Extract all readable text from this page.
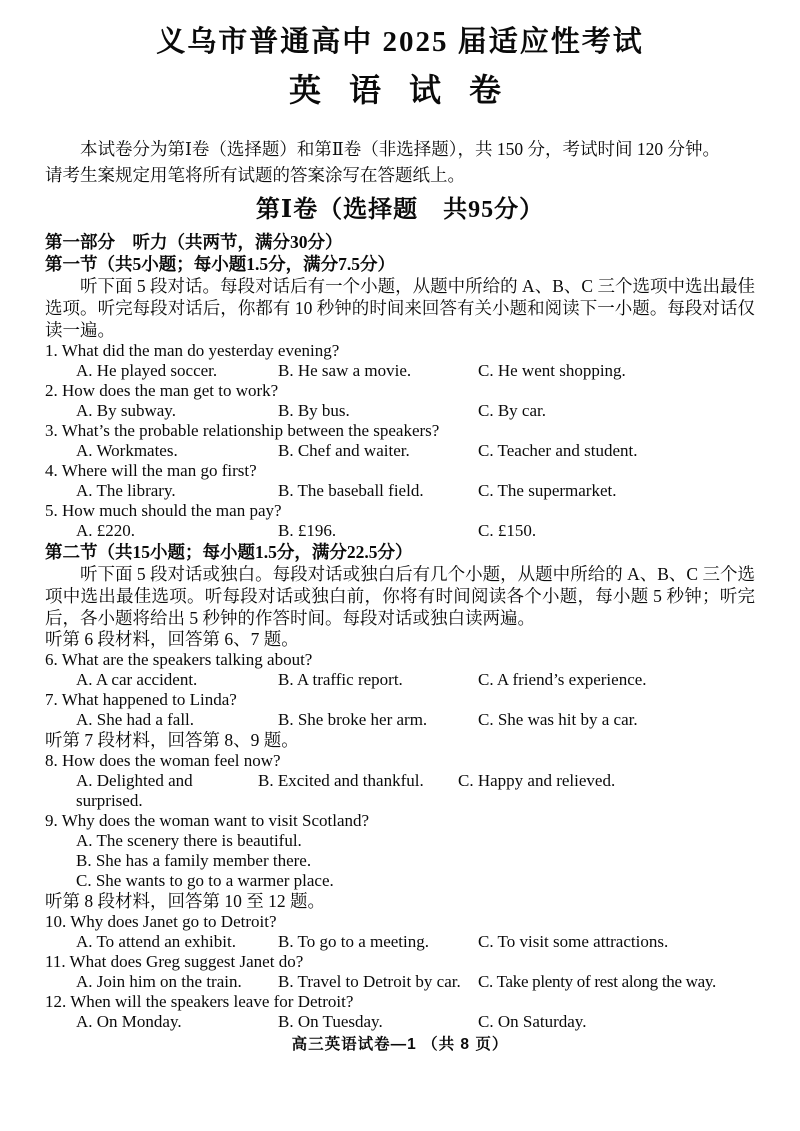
义乌市普通高中 2025 届适应性考试
英 语 试 卷
本试卷分为第Ⅰ卷（选择题）和第Ⅱ卷（非选择题），共 150 分，考试时间 120 分钟。
请考生案规定用笔将所有试题的答案涂写在答题纸上。
第Ⅰ卷（选择题　共95分）
第一部分　听力（共两节，满分30分）
第一节（共5小题；每小题1.5分，满分7.5分）

听下面 5 段对话。每段对话后有一个小题，从题中所给的 A、B、C 三个选项中选出最佳选项。听完每段对话后，你都有 10 秒钟的时间来回答有关小题和阅读下一小题。每段对话仅读一遍。

1. What did the man do yesterday evening?
A. He played soccer.	B. He saw a movie.	C. He went shopping.
2. How does the man get to work?
A. By subway.	B. By bus.	C. By car.
3. What’s the probable relationship between the speakers?
A. Workmates.	B. Chef and waiter.	C. Teacher and student.
4. Where will the man go first?
A. The library.	B. The baseball field.	C. The supermarket.
5. How much should the man pay?
A. £220.	B. £196.	C. £150.
第二节（共15小题；每小题1.5分，满分22.5分）

听下面 5 段对话或独白。每段对话或独白后有几个小题，从题中所给的 A、B、C 三个选项中选出最佳选项。听每段对话或独白前，你将有时间阅读各个小题，每小题 5 秒钟；听完后，各小题将给出 5 秒钟的作答时间。每段对话或独白读两遍。

听第 6 段材料，回答第 6、7 题。
6. What are the speakers talking about?
A. A car accident.	B. A traffic report.	C. A friend’s experience.
7. What happened to Linda?
A. She had a fall.	B. She broke her arm.	C. She was hit by a car.
听第 7 段材料，回答第 8、9 题。
8. How does the woman feel now?
A. Delighted and surprised.
B. Excited and thankful.	C. Happy and relieved.
9. Why does the woman want to visit Scotland?
A. The scenery there is beautiful.
B. She has a family member there.
C. She wants to go to a warmer place.
听第 8 段材料，回答第 10 至 12 题。
10. Why does Janet go to Detroit?
A. To attend an exhibit.	B. To go to a meeting.	C. To visit some attractions.
11. What does Greg suggest Janet do?
A. Join him on the train.	B. Travel to Detroit by car.	C. Take plenty of rest along the way.
12. When will the speakers leave for Detroit?
A. On Monday.	B. On Tuesday.	C. On Saturday.
高三英语试卷—1 （共 8 页）
